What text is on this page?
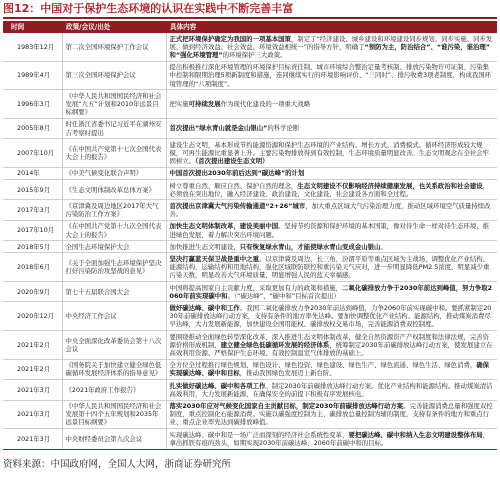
图12：中国对于保护生态环境的认识在实践中不断完善丰富
时间	政策/会议/出处	具体内容
1983年12月	第二次全国环境保护工作会议	正式把环境保护确定为我国的一项基本国策，制定了“经济建设、城乡建设和环境建设同步规划、同步实施、同步发展，做到经济效益、社会效益、环境效益相统一”的指导方针，明确了“预防为主，防治结合”、“谁污染，谁治理”和“强化环境管理”的环境保护三大政策。
1989年4月	第三次全国环境保护会议	提出积极推行深化环境管理的环境保护目标责任制、城市环境综合整治定量考核制、排放污染物许可证制、污染集中控制和限期治理5项新制度和措施，连同继续实行的环境影响评价、“三同时”、排污收费3项老制度，构成我国环境管理的“八项制度”。
1996年3月	《中华人民共和国国民经济和社会发展“九五”计划和2010年远景目标纲要》	把实施可持续发展作为现代化建设的一项重大战略
2005年8月	时任浙江省委书记习近平在湖州安吉考察时提出	首次提出“绿水青山就是金山银山”的科学论断
2007年10月	《在中国共产党第十七次全国代表大会上的报告》	建设生态文明，基本形成节约能源资源和保护生态环境的产业结构、增长方式、消费模式。循环经济形成较大规模，可再生能源比重显著上升。主要污染物排放得到有效控制，生态环境质量明显改善。生态文明观念在全社会牢固树立。（首次提出建设生态文明）
2014年	《中美气候变化联合声明》	中国首次提出2030年前后达到“碳达峰”的计划
2015年9月	《生态文明体制改革总体方案》	树立尊重自然、顺应自然、保护自然的理念，生态文明建设不仅影响经济持续健康发展，也关系政治和社会建设，必须放在突出地位，融入经济建设、政治建设、文化建设、社会建设各方面和全过程。
2017年3月	《京津冀及周边地区2017年大气污染防治工作方案》	首次提出京津冀大气污染传输通道“2+26”城市，加大重点区域大气污染治理力度，推动区域环境空气质量持续改善。
2017年10月	《在中国共产党第十九次全国代表大会上的报告》	加快生态文明体制改革，建设美丽中国。坚持节约资源和保护环境的基本国策，像对待生命一样对待生态环境，推进绿色发展，着力解决突出环境问题。
2018年5月	全国生态环境保护大会	加快推进生态文明建设，只有恢复绿水青山，才能使绿水青山变成金山银山。
2018年6月	《关于全面加强生态环境保护坚决打好污染防治攻坚战的意见》	坚决打赢蓝天保卫战是重中之重。以京津冀及周边、长三角、汾渭平原等重点区域为主战场，调整优化产业结构、能源结构、运输结构和用地结构，强化区域联防联控和重污染天气应对，进一步明显降低PM2.5浓度，明显减少重污染天数，明显改善大气环境质量，明显增强人民的蓝天幸福感。
2020年9月	第七十五届联合国大会	中国将提高国家自主贡献力度，采取更加有力的政策和措施，二氧化碳排放力争于2030年前达到峰值，努力争取2060年前实现碳中和。（“碳达峰”、“碳中和”目标首次提出）
2020年12月	中央经济工作会议	做好碳达峰、碳中和工作。我国二氧化碳排放力争2030年前达到峰值，力争2060年前实现碳中和。要抓紧制定2030年前碳排放达峰行动方案，支持有条件的地方率先达峰。要加快调整优化产业结构、能源结构，推动煤炭消费尽早达峰，大力发展新能源，加快建设全国用能权、碳排放权交易市场，完善能源消费双控制度。
2021年2月	中央全面深化改革委员会第十八次会议	要围绕推动全面绿色转型深化改革，深入推进生态文明体制改革，健全自然资源资产产权制度和法律法规，完善资源价格形成机制，建立健全绿色低碳循环发展的经济体系，统筹制定2030年前碳排放达峰行动方案，使发展建立在高效利用资源、严格保护生态环境、有效控制温室气体排放的基础上。
2021年2月	《国务院关于加快建立健全绿色低碳循环发展经济体系的指导意见》	全方位全过程推行绿色规划、绿色设计、绿色投资、绿色建设、绿色生产、绿色流通、绿色生活、绿色消费，确保实现碳达峰、碳中和目标，推动我国绿色发展迈上新台阶。
2021年3月	《2021年政府工作报告》	扎实做好碳达峰、碳中和各项工作。制定2030年前碳排放达峰行动方案。优化产业结构和能源结构。推动煤炭清洁高效利用，大力发展新能源，在确保安全的前提下积极有序发展核电。
2021年3月	《中华人民共和国国民经济和社会发展第十四个五年规划和2035年远景目标纲要》	落实2030年应对气候变化国家自主贡献目标，制定2030年前碳排放达峰行动方案。完善能源消费总量和强度双控制度，重点控制化石能源消费。实施以碳强度控制为主、碳排放总量控制为辅的制度，支持有条件的地方和重点行业、重点企业率先达到碳排放峰值。
2021年3月	中央财经委员会第九次会议	实现碳达峰、碳中和是一场广泛而深刻的经济社会系统性变革，要把碳达峰、碳中和纳入生态文明建设整体布局，拿出抓铁有痕的劲头，如期实现2030年前碳达峰、2060年前碳中和的目标。
资料来源：中国政府网，全国人大网，浙商证券研究所
